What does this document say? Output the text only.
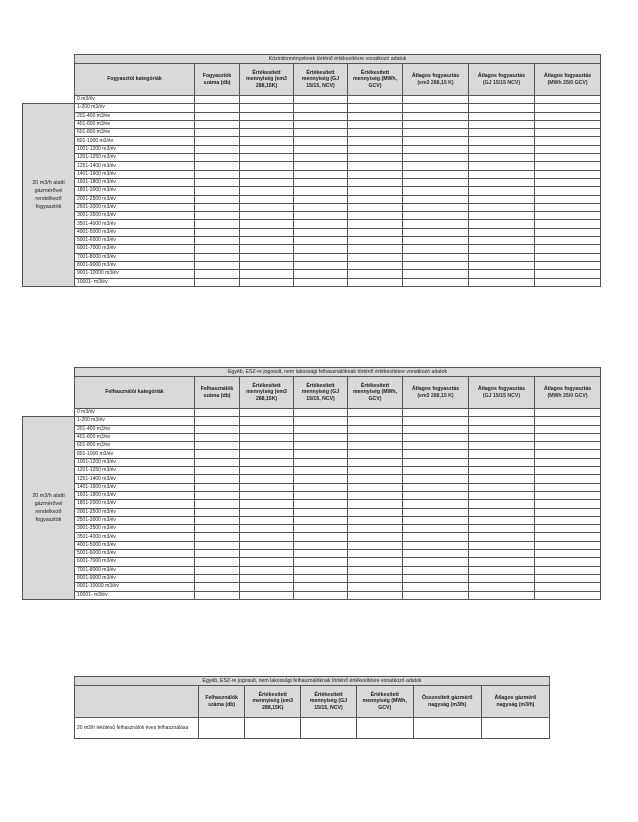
	Közintézményeknek történő értékesítésre vonatkozó adatok							
	Fogyasztói kategóriák	Fogyasztók száma (db)	Értékesített mennyiség (em3 288,15K)	Értékesített mennyiség (GJ 15/15, NCV)	Értékesített mennyiség (MWh, GCV)	Átlagos fogyasztás
(em3 288,15 K)	Átlagos fogyasztás
(GJ 15/15 NCV)	Átlagos fogyasztás
(MWh 25/0 GCV)

	0 m3/év							
20 m3/h alatti gázmérővel rendelkező fogyasztók	1-200 m3/év							
	201-400 m3/év							
	401-600 m3/év							
	601-800 m3/év							
	801-1000 m3/év							
	1001-1200 m3/év							
	1201-1250 m3/év							
	1251-1400 m3/év							
	1401-1600 m3/év							
	1601-1800 m3/év							
	1801-2000 m3/év							
	2001-2500 m3/év							
	2501-3000 m3/év							
	3001-3500 m3/év							
	3501-4000 m3/év							
	4001-5000 m3/év							
	5001-6000 m3/év							
	6001-7000 m3/év							
	7001-8000 m3/év							
	8001-9000 m3/év							
	9001-10000 m3/év							
	10001- m3/év							
	Egyéb, ESZ-re jogosult, nem lakossági felhasználóknak történő értékesítésre vonatkozó adatok							
	Felhasználói kategóriák	Felhasználók száma (db)	Értékesített mennyiség (em3 288,15K)	Értékesített mennyiség (GJ 15/15, NCV)	Értékesített mennyiség (MWh, GCV)	Átlagos fogyasztás
(em3 288,15 K)	Átlagos fogyasztás
(GJ 15/15 NCV)	Átlagos fogyasztás
(MWh 25/0 GCV)

	0 m3/év							
20 m3/h alatti gázmérővel rendelkező fogyasztók	1-200 m3/év							
	201-400 m3/év							
	401-600 m3/év							
	601-800 m3/év							
	801-1000 m3/év							
	1001-1200 m3/év							
	1201-1250 m3/év							
	1251-1400 m3/év							
	1401-1600 m3/év							
	1601-1800 m3/év							
	1801-2000 m3/év							
	2001-2500 m3/év							
	2501-3000 m3/év							
	3001-3500 m3/év							
	3501-4000 m3/év							
	4001-5000 m3/év							
	5001-6000 m3/év							
	6001-7000 m3/év							
	7001-8000 m3/év							
	8001-9000 m3/év							
	9001-10000 m3/év							
	10001- m3/év							
Egyéb, ESZ-re jogosult, nem lakossági felhasználóknak történő értékesítésre vonatkozó adatok						
	Felhasználók száma (db)	Értékesített mennyiség (em3 288,15K)	Értékesített mennyiség (GJ 15/15, NCV)	Értékesített mennyiség (MWh, GCV)	Összesített gázmérő nagyság (m3/h)	Átlagos gázmérő nagyság (m3/h)
20 m3/h lekötésű felhasználók éves felhasználása						
